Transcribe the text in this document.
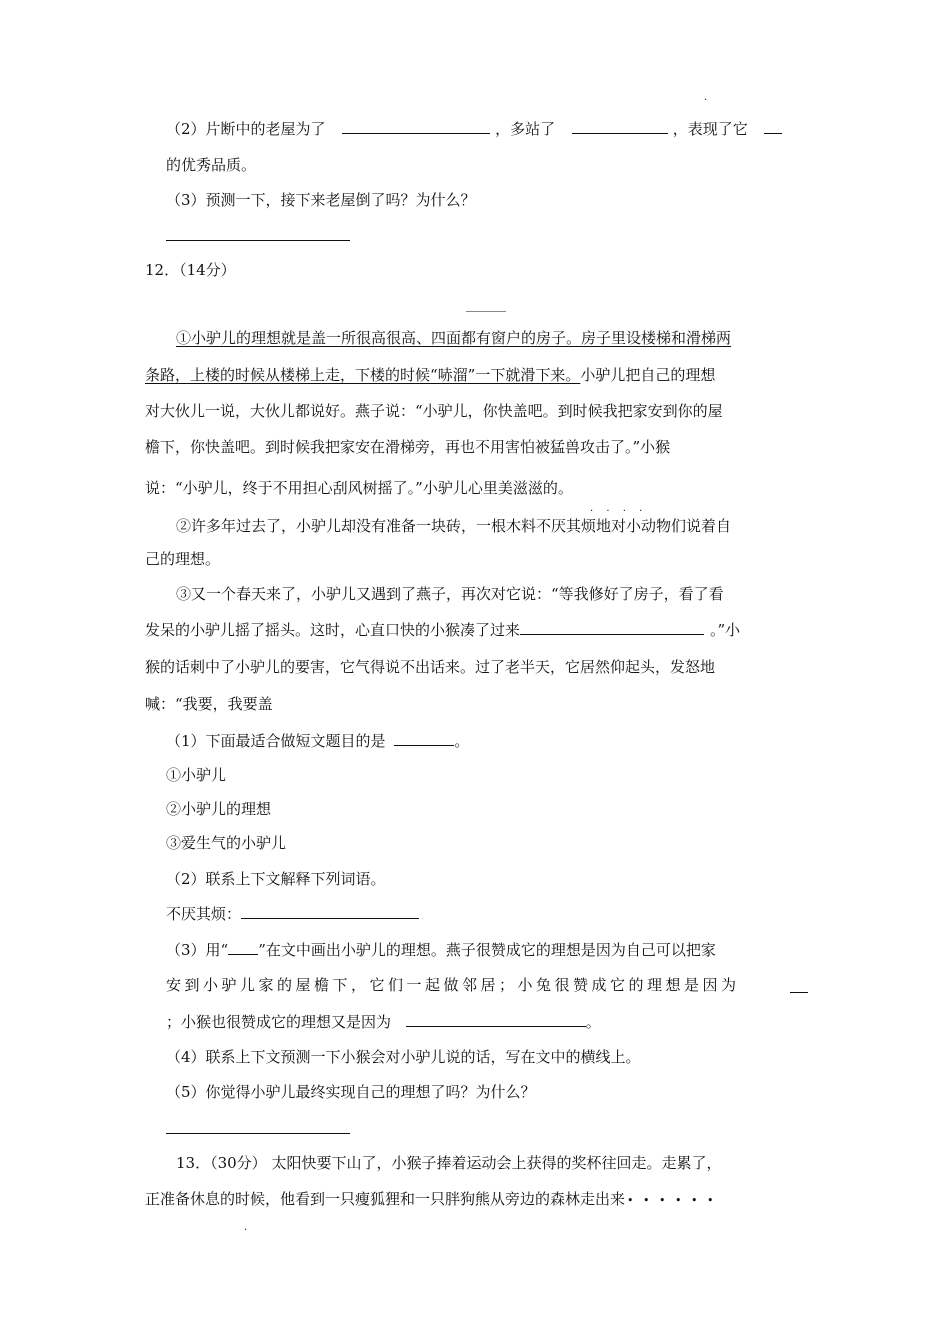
.
（2）片断中的老屋为了	，多站了	，表现了它
的优秀品质。
（3）预测一下，接下来老屋倒了吗？为什么？
12．（14分）
①小驴儿的理想就是盖一所很高很高、四面都有窗户的房子。房子里设楼梯和滑梯两
条路，上楼的时候从楼梯上走，下楼的时候“哧溜”一下就滑下来。小驴儿把自己的理想
对大伙儿一说，大伙儿都说好。燕子说：“小驴儿，你快盖吧。到时候我把家安到你的屋
檐下，你快盖吧。到时候我把家安在滑梯旁，再也不用害怕被猛兽攻击了。”小猴
说：“小驴儿，终于不用担心刮风树摇了。”小驴儿心里美滋滋的。
· · · ·
②许多年过去了，小驴儿却没有准备一块砖，一根木料不厌其烦地对小动物们说着自
己的理想。
③又一个春天来了，小驴儿又遇到了燕子，再次对它说：“等我修好了房子，看了看
发呆的小驴儿摇了摇头。这时，心直口快的小猴凑了过来	。”小
猴的话刺中了小驴儿的要害，它气得说不出话来。过了老半天，它居然仰起头，发怒地
喊：“我要，我要盖
（1）下面最适合做短文题目的是	。
①小驴儿
②小驴儿的理想
③爱生气的小驴儿
（2）联系上下文解释下列词语。
不厌其烦：
（3）用“ ”在文中画出小驴儿的理想。燕子很赞成它的理想是因为自己可以把家
安到小驴儿家的屋檐下，它们一起做邻居；小兔很赞成它的理想是因为
；小猴也很赞成它的理想又是因为	。
（4）联系上下文预测一下小猴会对小驴儿说的话，写在文中的横线上。
（5）你觉得小驴儿最终实现自己的理想了吗？为什么？
13．（30分） 太阳快要下山了，小猴子捧着运动会上获得的奖杯往回走。走累了，
正准备休息的时候，他看到一只瘦狐狸和一只胖狗熊从旁边的森林走出来 • • • • • •
.
